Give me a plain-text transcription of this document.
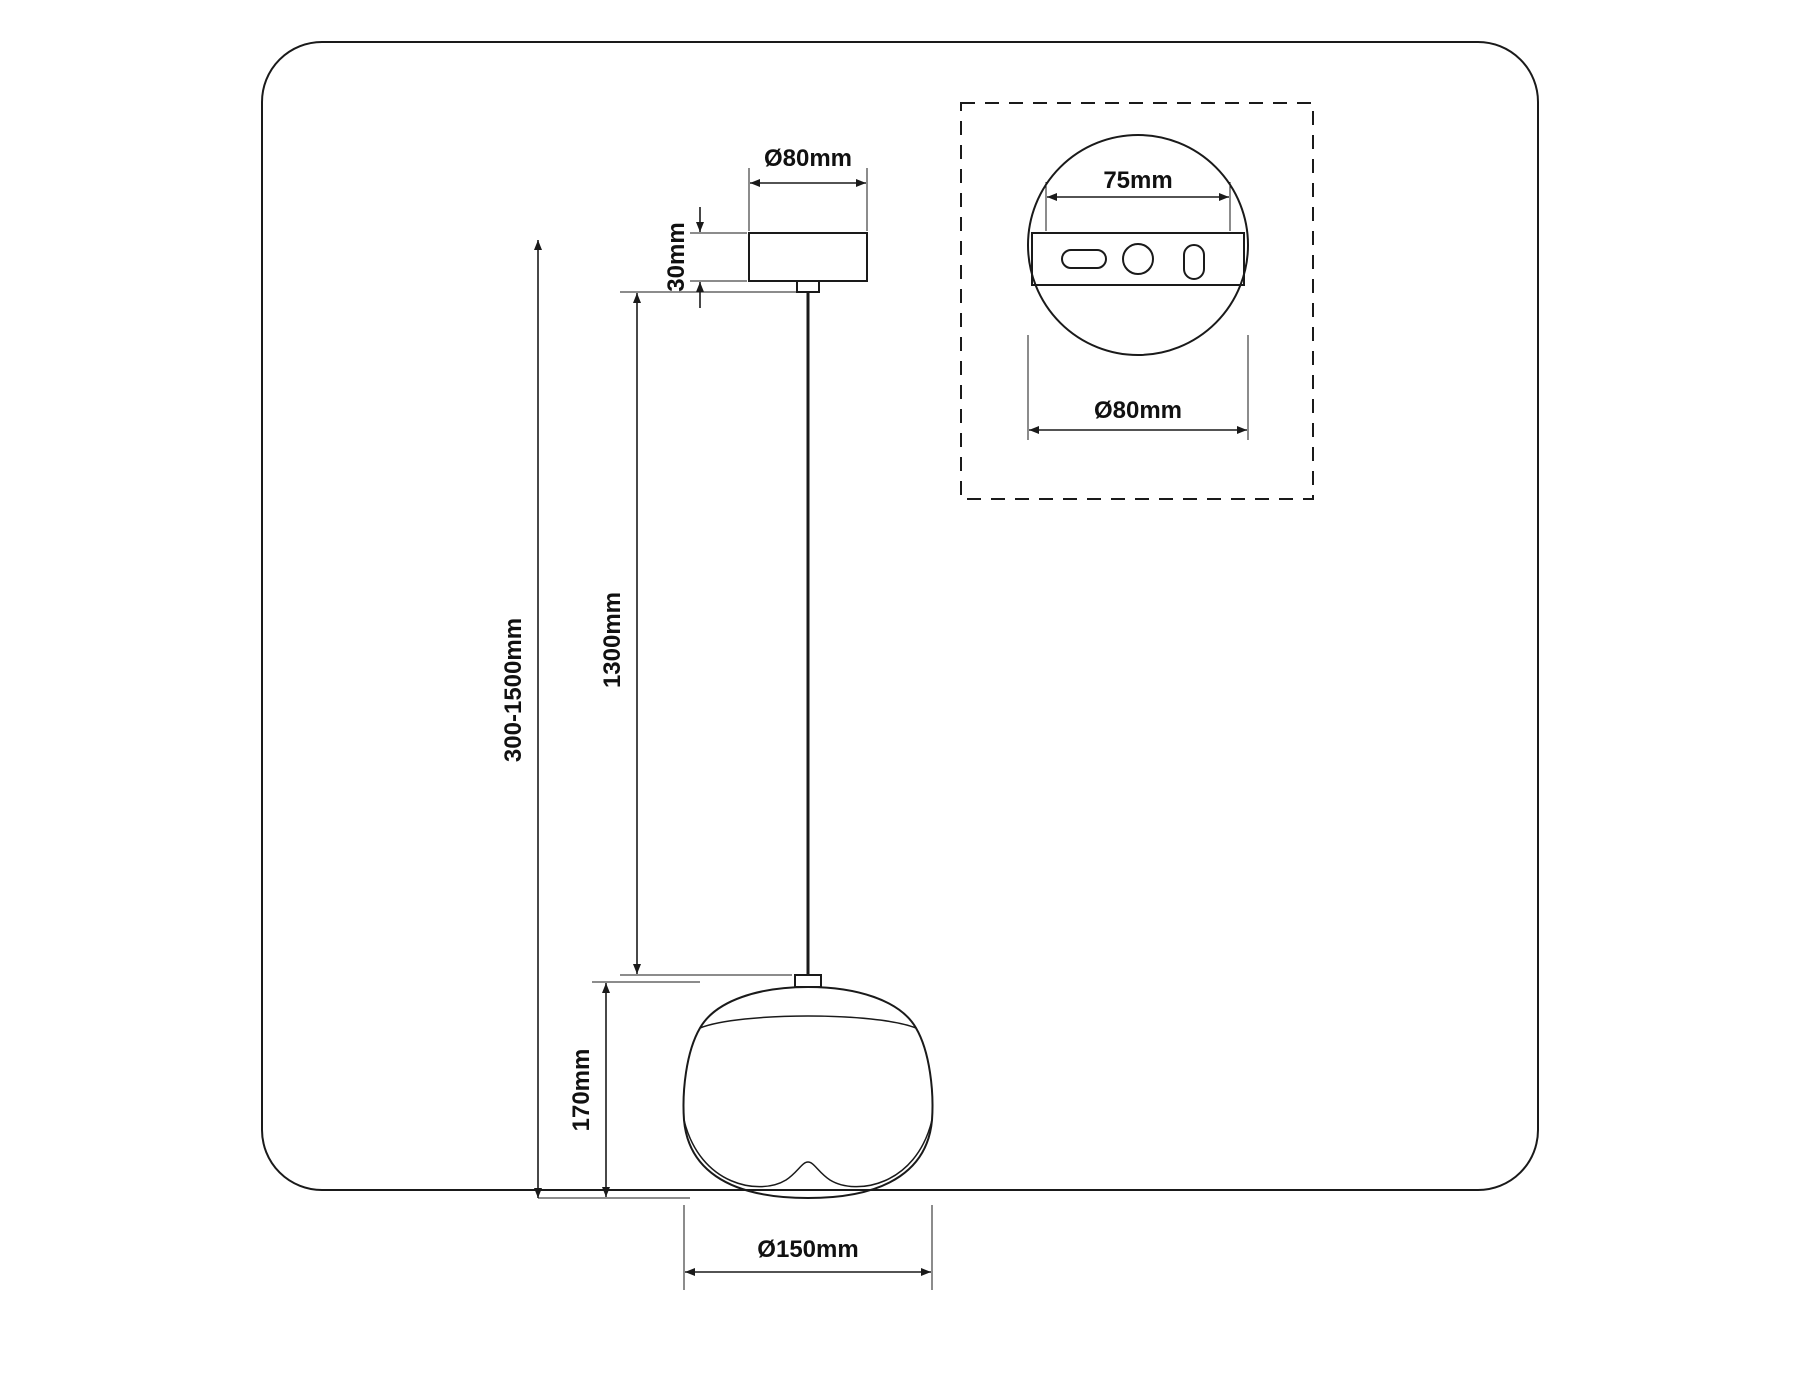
Ø80mm
30mm
1300mm
170mm
300-1500mm
Ø150mm
75mm
Ø80mm
